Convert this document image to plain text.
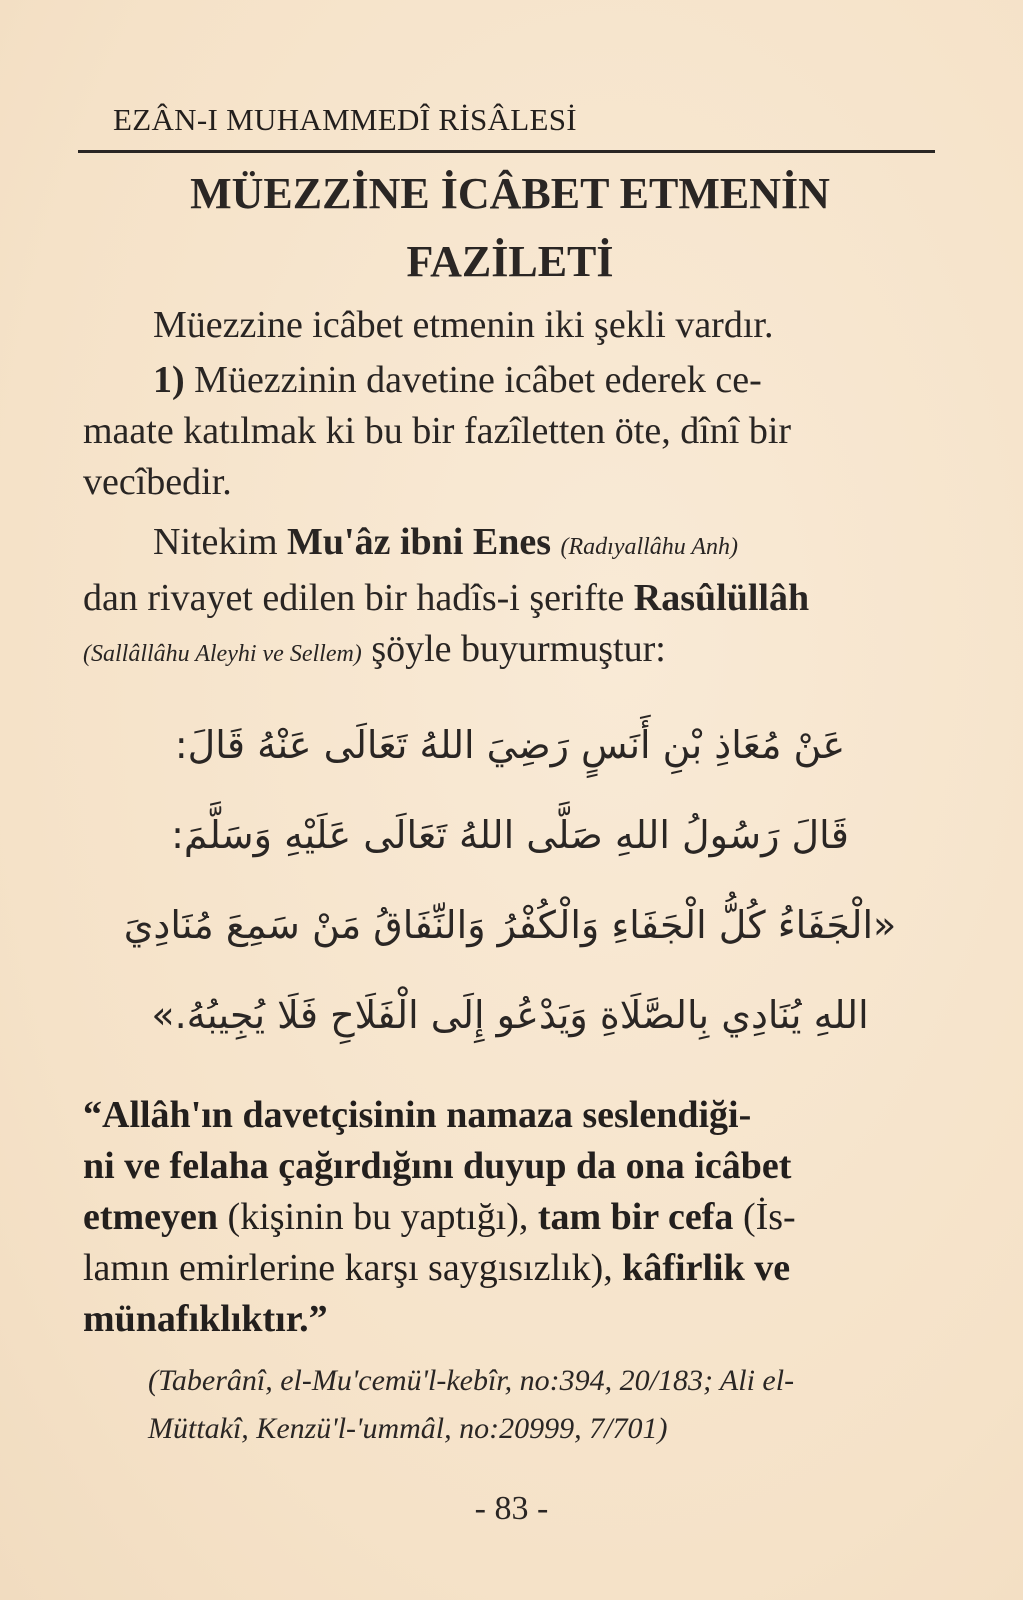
EZÂN-I MUHAMMEDÎ RİSÂLESİ
MÜEZZİNE İCÂBET ETMENİN
FAZİLETİ
Müezzine icâbet etmenin iki şekli vardır.
1) Müezzinin davetine icâbet ederek ce-
maate katılmak ki bu bir fazîletten öte, dînî bir
vecîbedir.
Nitekim Mu'âz ibni Enes (Radıyallâhu Anh)
dan rivayet edilen bir hadîs-i şerifte Rasûlüllâh
(Sallâllâhu Aleyhi ve Sellem) şöyle buyurmuştur:
عَنْ مُعَاذِ بْنِ أَنَسٍ رَضِيَ اللهُ تَعَالَى عَنْهُ قَالَ:
قَالَ رَسُولُ اللهِ صَلَّى اللهُ تَعَالَى عَلَيْهِ وَسَلَّمَ:
«الْجَفَاءُ كُلُّ الْجَفَاءِ وَالْكُفْرُ وَالنِّفَاقُ مَنْ سَمِعَ مُنَادِيَ
اللهِ يُنَادِي بِالصَّلَاةِ وَيَدْعُو إِلَى الْفَلَاحِ فَلَا يُجِيبُهُ.»
“Allâh'ın davetçisinin namaza seslendiği-
ni ve felaha çağırdığını duyup da ona icâbet
etmeyen (kişinin bu yaptığı), tam bir cefa (İs-
lamın emirlerine karşı saygısızlık), kâfirlik ve
münafıklıktır.”
(Taberânî, el-Mu'cemü'l-kebîr, no:394, 20/183; Ali el-
Müttakî, Kenzü'l-'ummâl, no:20999, 7/701)
- 83 -
